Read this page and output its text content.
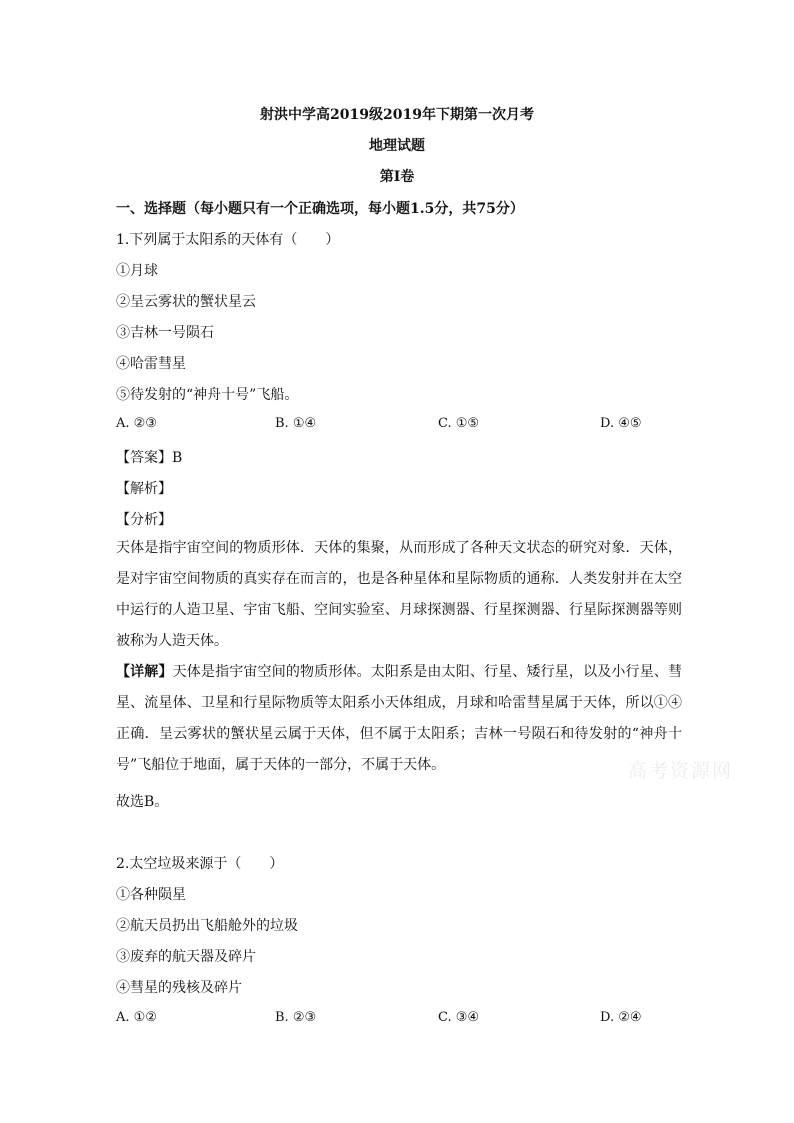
射洪中学高2019级2019年下期第一次月考
地理试题
第I卷
一、选择题（每小题只有一个正确选项，每小题1.5分，共75分）
1.下列属于太阳系的天体有（　　）
①月球
②呈云雾状的蟹状星云
③吉林一号陨石
④哈雷彗星
⑤待发射的“神舟十号”飞船。
A. ②③	B. ①④	C. ①⑤	D. ④⑤
【答案】B
【解析】
【分析】
天体是指宇宙空间的物质形体．天体的集聚，从而形成了各种天文状态的研究对象．天体，是对宇宙空间物质的真实存在而言的，也是各种星体和星际物质的通称．人类发射并在太空中运行的人造卫星、宇宙飞船、空间实验室、月球探测器、行星探测器、行星际探测器等则被称为人造天体。
【详解】天体是指宇宙空间的物质形体。太阳系是由太阳、行星、矮行星，以及小行星、彗星、流星体、卫星和行星际物质等太阳系小天体组成，月球和哈雷彗星属于天体，所以①④正确．呈云雾状的蟹状星云属于天体，但不属于太阳系；吉林一号陨石和待发射的“神舟十号”飞船位于地面，属于天体的一部分，不属于天体。
故选B。
2.太空垃圾来源于（　　）
①各种陨星
②航天员扔出飞船舱外的垃圾
③废弃的航天器及碎片
④彗星的残核及碎片
A. ①②	B. ②③	C. ③④	D. ②④
高考资源网
